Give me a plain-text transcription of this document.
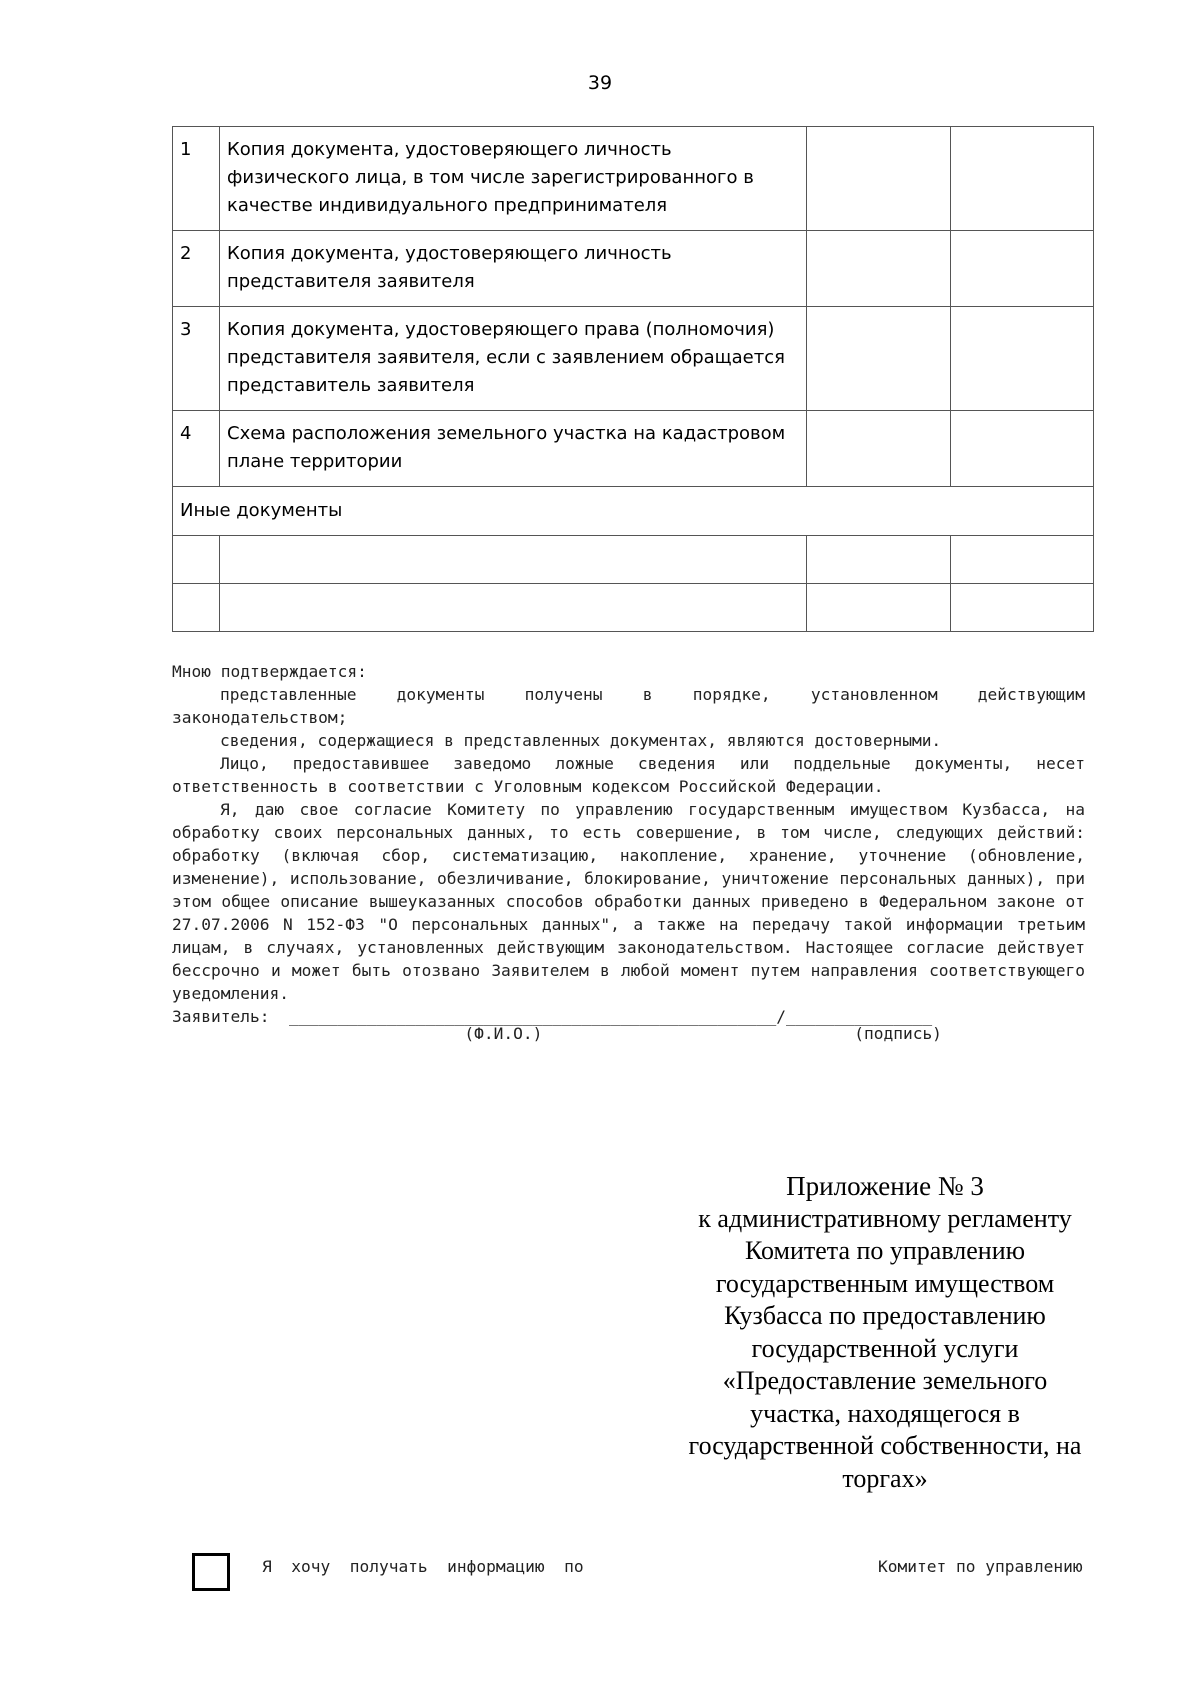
39
1	Копия документа, удостоверяющего личность физического лица, в том числе зарегистрированного в качестве индивидуального предпринимателя		
2	Копия документа, удостоверяющего личность представителя заявителя		
3	Копия документа, удостоверяющего права (полномочия) представителя заявителя, если с заявлением обращается представитель заявителя		
4	Схема расположения земельного участка на кадастровом плане территории		
Иные документы			

Мною подтверждается:

представленные документы получены в порядке, установленном действующим законодательством;

сведения, содержащиеся в представленных документах, являются достоверными.

Лицо, предоставившее заведомо ложные сведения или поддельные документы, несет ответственность в соответствии с Уголовным кодексом Российской Федерации.

Я, даю свое согласие Комитету по управлению государственным имуществом Кузбасса, на обработку своих персональных данных, то есть совершение, в том числе, следующих действий: обработку (включая сбор, систематизацию, накопление, хранение, уточнение (обновление, изменение), использование, обезличивание, блокирование, уничтожение персональных данных), при этом общее описание вышеуказанных способов обработки данных приведено в Федеральном законе от 27.07.2006 N 152-ФЗ "О персональных данных", а также на передачу такой информации третьим лицам, в случаях, установленных действующим законодательством. Настоящее согласие действует бессрочно и может быть отозвано Заявителем в любой момент путем направления соответствующего уведомления.

Заявитель:  __________________________________________________/_______________
(Ф.И.О.)	(подпись)
Приложение № 3
к административному регламенту
Комитета по управлению
государственным имуществом
Кузбасса по предоставлению
государственной услуги
«Предоставление земельного
участка, находящегося в
государственной собственности, на
торгах»
Я  хочу  получать  информацию  по	Комитет по управлению
